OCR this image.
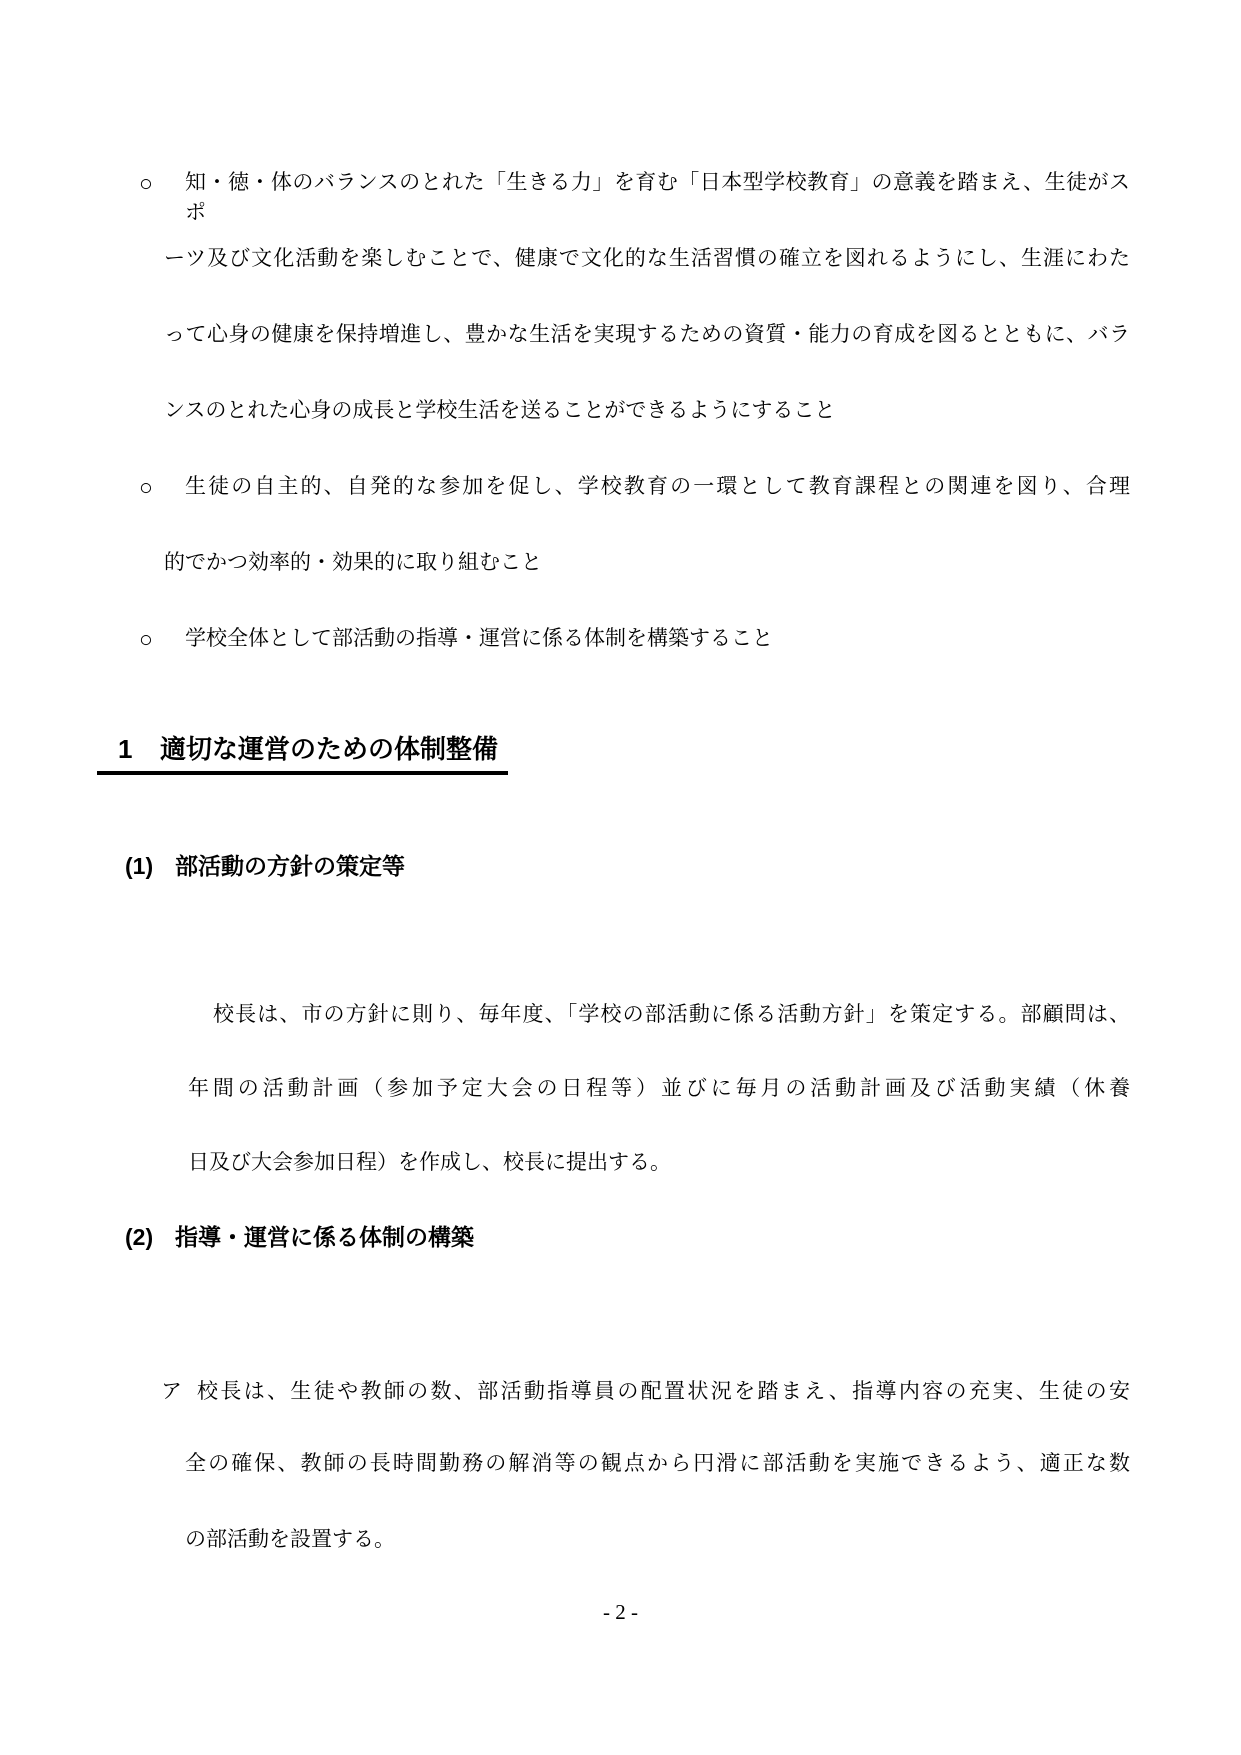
○ 知・徳・体のバランスのとれた「生きる力」を育む「日本型学校教育」の意義を踏まえ、生徒がスポ
ーツ及び文化活動を楽しむことで、健康で文化的な生活習慣の確立を図れるようにし、生涯にわた
って心身の健康を保持増進し、豊かな生活を実現するための資質・能力の育成を図るとともに、バラ
ンスのとれた心身の成長と学校生活を送ることができるようにすること
○ 生徒の自主的、自発的な参加を促し、学校教育の一環として教育課程との関連を図り、合理
的でかつ効率的・効果的に取り組むこと
○ 学校全体として部活動の指導・運営に係る体制を構築すること
1 適切な運営のための体制整備
(1) 部活動の方針の策定等
校長は、市の方針に則り、毎年度、「学校の部活動に係る活動方針」を策定する。部顧問は、
年間の活動計画（参加予定大会の日程等）並びに毎月の活動計画及び活動実績（休養
日及び大会参加日程）を作成し、校長に提出する。
(2) 指導・運営に係る体制の構築
ア 校長は、生徒や教師の数、部活動指導員の配置状況を踏まえ、指導内容の充実、生徒の安
全の確保、教師の長時間勤務の解消等の観点から円滑に部活動を実施できるよう、適正な数
の部活動を設置する。
- 2 -
